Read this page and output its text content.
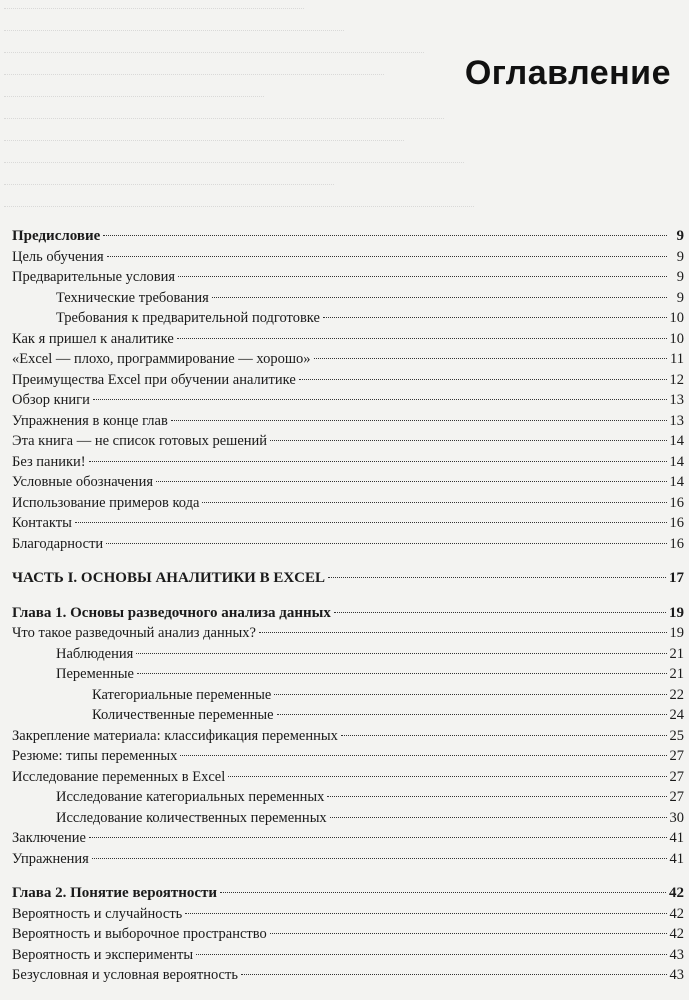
Оглавление
Предисловие	9
Цель обучения	9
Предварительные условия	9
Технические требования	9
Требования к предварительной подготовке	10
Как я пришел к аналитике	10
«Excel — плохо, программирование — хорошо»	11
Преимущества Excel при обучении аналитике	12
Обзор книги	13
Упражнения в конце глав	13
Эта книга — не список готовых решений	14
Без паники!	14
Условные обозначения	14
Использование примеров кода	16
Контакты	16
Благодарности	16
ЧАСТЬ I. ОСНОВЫ АНАЛИТИКИ В EXCEL	17
Глава 1. Основы разведочного анализа данных	19
Что такое разведочный анализ данных?	19
Наблюдения	21
Переменные	21
Категориальные переменные	22
Количественные переменные	24
Закрепление материала: классификация переменных	25
Резюме: типы переменных	27
Исследование переменных в Excel	27
Исследование категориальных переменных	27
Исследование количественных переменных	30
Заключение	41
Упражнения	41
Глава 2. Понятие вероятности	42
Вероятность и случайность	42
Вероятность и выборочное пространство	42
Вероятность и эксперименты	43
Безусловная и условная вероятность	43
